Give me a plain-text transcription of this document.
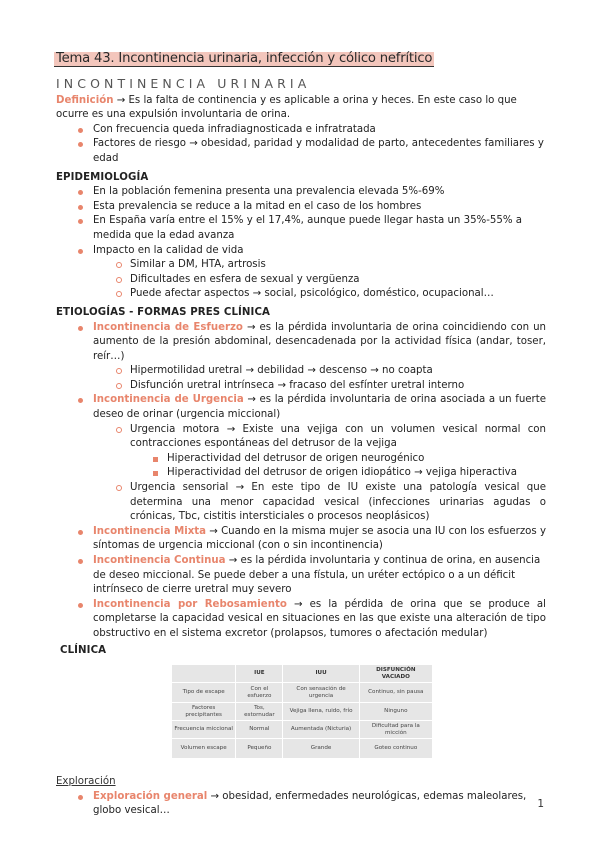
Tema 43. Incontinencia urinaria, infección y cólico nefrítico
INCONTINENCIA URINARIA

Definición → Es la falta de continencia y es aplicable a orina y heces. En este caso lo que ocurre es una expulsión involuntaria de orina.

Con frecuencia queda infradiagnosticada e infratratada
Factores de riesgo → obesidad, paridad y modalidad de parto, antecedentes familiares y edad
EPIDEMIOLOGÍA
En la población femenina presenta una prevalencia elevada 5%-69%
Esta prevalencia se reduce a la mitad en el caso de los hombres
En España varía entre el 15% y el 17,4%, aunque puede llegar hasta un 35%-55% a medida que la edad avanza
Impacto en la calidad de vida
Similar a DM, HTA, artrosis
Dificultades en esfera de sexual y vergüenza
Puede afectar aspectos → social, psicológico, doméstico, ocupacional…
ETIOLOGÍAS - FORMAS PRES CLÍNICA
Incontinencia de Esfuerzo → es la pérdida involuntaria de orina coincidiendo con un aumento de la presión abdominal, desencadenada por la actividad física (andar, toser, reír…)
Hipermotilidad uretral → debilidad → descenso → no coapta
Disfunción uretral intrínseca → fracaso del esfínter uretral interno
Incontinencia de Urgencia → es la pérdida involuntaria de orina asociada a un fuerte deseo de orinar (urgencia miccional)
Urgencia motora → Existe una vejiga con un volumen vesical normal con contracciones espontáneas del detrusor de la vejiga
Hiperactividad del detrusor de origen neurogénico
Hiperactividad del detrusor de origen idiopático → vejiga hiperactiva
Urgencia sensorial → En este tipo de IU existe una patología vesical que determina una menor capacidad vesical (infecciones urinarias agudas o crónicas, Tbc, cistitis intersticiales o procesos neoplásicos)
Incontinencia Mixta → Cuando en la misma mujer se asocia una IU con los esfuerzos y síntomas de urgencia miccional (con o sin incontinencia)
Incontinencia Continua → es la pérdida involuntaria y continua de orina, en ausencia de deseo miccional. Se puede deber a una fístula, un uréter ectópico o a un déficit intrínseco de cierre uretral muy severo
Incontinencia por Rebosamiento → es la pérdida de orina que se produce al completarse la capacidad vesical en situaciones en las que existe una alteración de tipo obstructivo en el sistema excretor (prolapsos, tumores o afectación medular)
CLÍNICA
	IUE	IUU	DISFUNCIÓN VACIADO
Tipo de escape	Con el esfuerzo	Con sensación de urgencia	Continuo, sin pausa
Factores precipitantes	Tos, estornudar	Vejiga llena, ruido, frío	Ninguno
Frecuencia miccional	Normal	Aumentada (Nicturia)	Dificultad para la micción
Volumen escape	Pequeño	Grande	Goteo continuo
Exploración
Exploración general → obesidad, enfermedades neurológicas, edemas maleolares, globo vesical…
1
